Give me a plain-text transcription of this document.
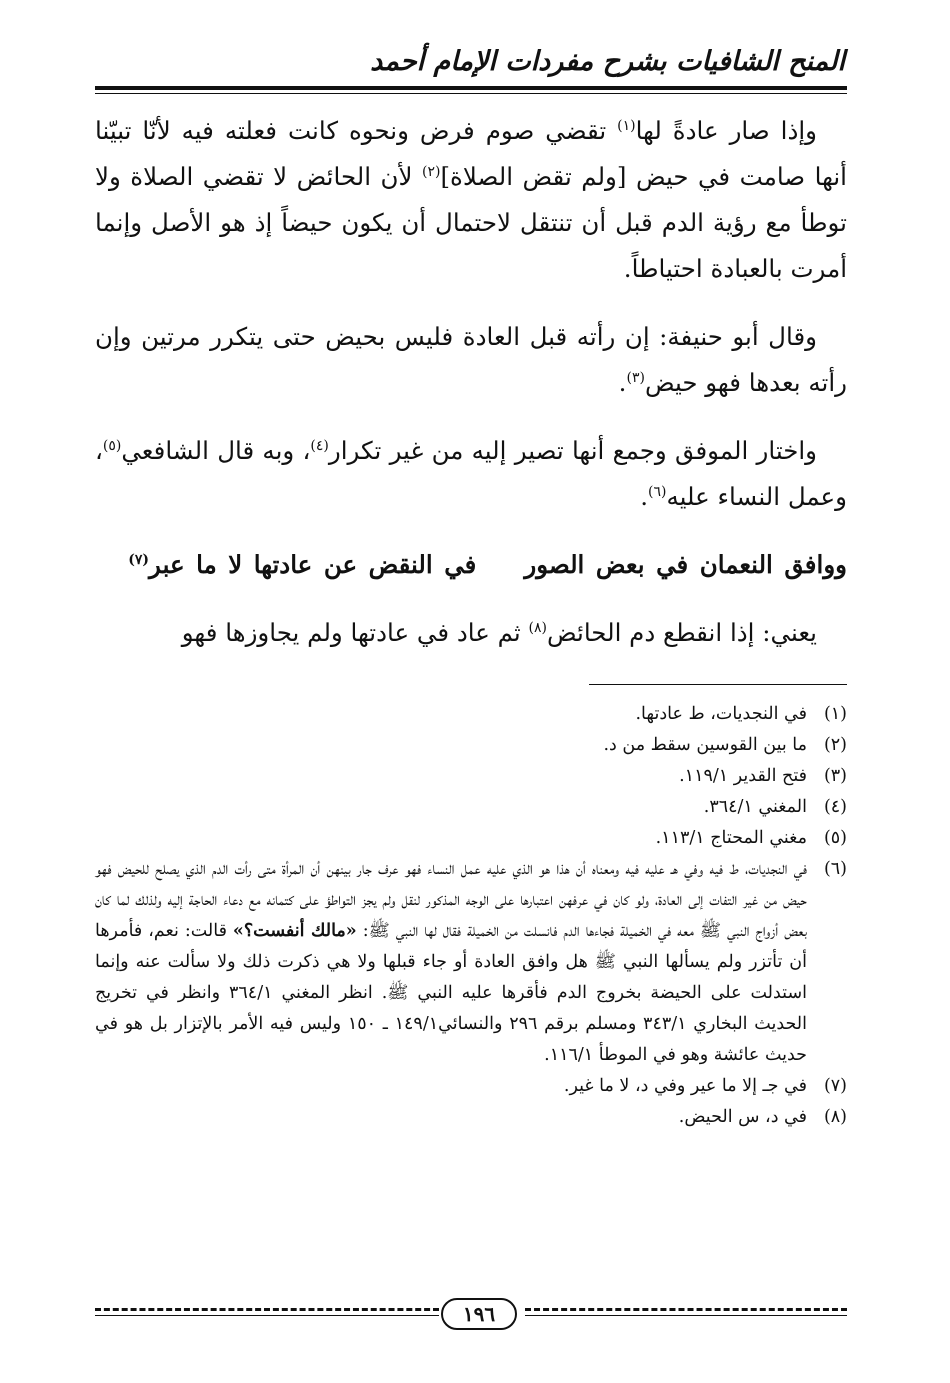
المنح الشافيات بشرح مفردات الإمام أحمد

وإذا صار عادةً لها$^{(١)}$ تقضي صوم فرض ونحوه كانت فعلته فيه لأنّا تبيّنا أنها صامت في حيض [ولم تقض الصلاة]$^{(٢)}$ لأن الحائض لا تقضي الصلاة ولا توطأ مع رؤية الدم قبل أن تنتقل لاحتمال أن يكون حيضاً إذ هو الأصل وإنما أمرت بالعبادة احتياطاً.

وقال أبو حنيفة: إن رأته قبل العادة فليس بحيض حتى يتكرر مرتين وإن رأته بعدها فهو حيض$^{(٣)}$.

واختار الموفق وجمع أنها تصير إليه من غير تكرار$^{(٤)}$، وبه قال الشافعي$^{(٥)}$، وعمل النساء عليه$^{(٦)}$.

ووافق النعمان في بعض الصورفي النقض عن عادتها لا ما عبر$^{(٧)}$

يعني: إذا انقطع دم الحائض$^{(٨)}$ ثم عاد في عادتها ولم يجاوزها فهو

(١)
في النجديات، ط عادتها.
(٢)
ما بين القوسين سقط من د.
(٣)
فتح القدير ١١٩/١.
(٤)
المغني ٣٦٤/١.
(٥)
مغني المحتاج ١١٣/١.
(٦)
في النجديات، ط فيه وفي هـ عليه فيه ومعناه أن هذا هو الذي عليه عمل النساء فهو عرف جار بينهن أن المرأة متى رأت الدم الذي يصلح للحيض فهو حيض من غير التفات إلى العادة، ولو كان في عرفهن اعتبارها على الوجه المذكور لنقل ولم يجز التواطؤ على كتمانه مع دعاء الحاجة إليه ولذلك لما كان بعض أزواج النبي ﷺ معه في الخميلة فجاءها الدم فانسلت من الخميلة فقال لها النبي ﷺ: «مالك أنفست؟» قالت: نعم، فأمرها أن تأتزر ولم يسألها النبي ﷺ هل وافق العادة أو جاء قبلها ولا هي ذكرت ذلك ولا سألت عنه وإنما استدلت على الحيضة بخروج الدم فأقرها عليه النبي ﷺ. انظر المغني ٣٦٤/١ وانظر في تخريج الحديث البخاري ٣٤٣/١ ومسلم برقم ٢٩٦ والنسائي١٤٩/١ ـ ١٥٠ وليس فيه الأمر بالإتزار بل هو في حديث عائشة وهو في الموطأ ١١٦/١.
(٧)
في جـ إلا ما عير وفي د، لا ما غير.
(٨)
في د، س الحيض.
١٩٦
